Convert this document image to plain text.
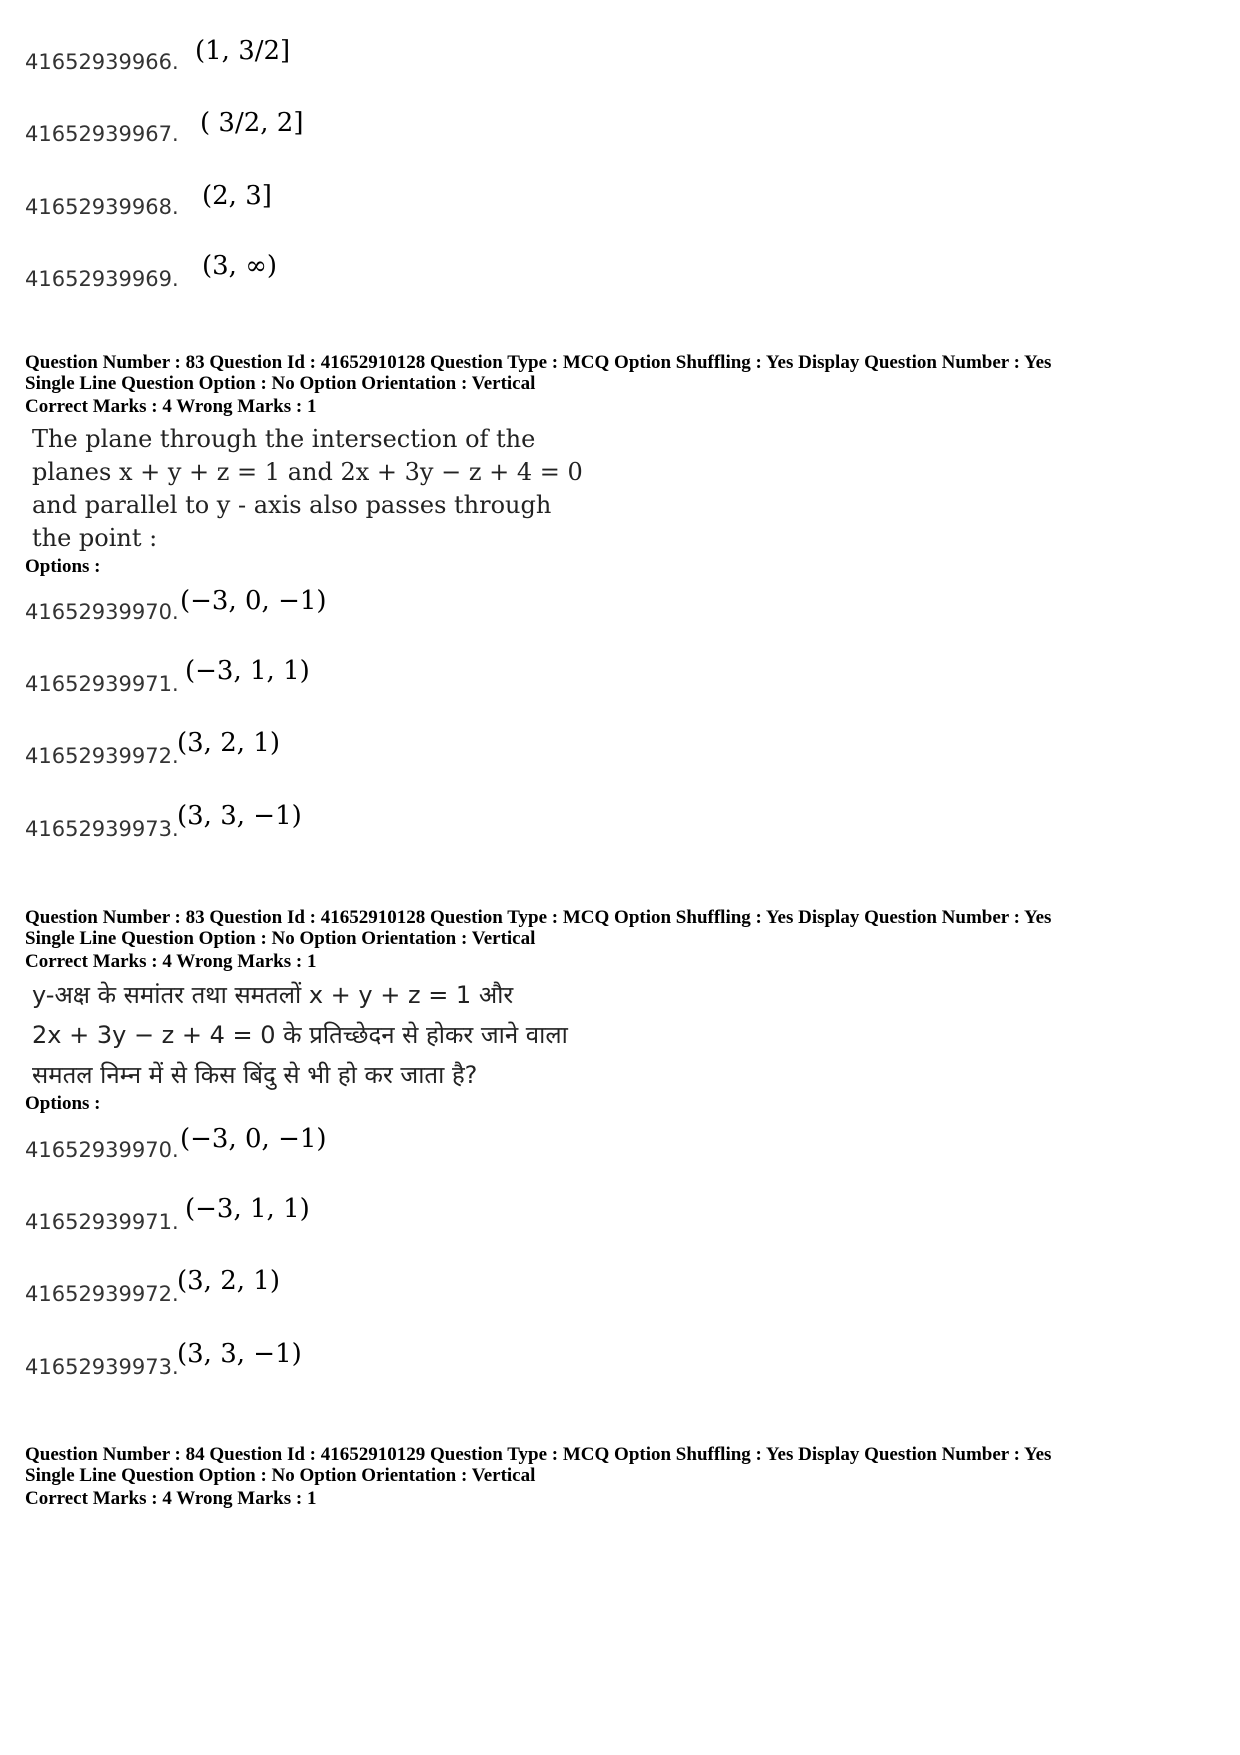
41652939966. (1, 3/2]
41652939967. ( 3/2, 2]
41652939968. (2, 3]
41652939969. (3, ∞)
Question Number : 83 Question Id : 41652910128 Question Type : MCQ Option Shuffling : Yes Display Question Number : Yes
Single Line Question Option : No Option Orientation : Vertical
Correct Marks : 4 Wrong Marks : 1
The plane through the intersection of the
planes x + y + z = 1 and 2x + 3y − z + 4 = 0
and parallel to y - axis also passes through
the point :
Options :
41652939970. (−3, 0, −1)
41652939971. (−3, 1, 1)
41652939972.
(3, 2, 1)
41652939973.
(3, 3, −1)
Question Number : 83 Question Id : 41652910128 Question Type : MCQ Option Shuffling : Yes Display Question Number : Yes
Single Line Question Option : No Option Orientation : Vertical
Correct Marks : 4 Wrong Marks : 1
y-अक्ष के समांतर तथा समतलों x + y + z = 1 और
2x + 3y − z + 4 = 0 के प्रतिच्छेदन से होकर जाने वाला
समतल निम्न में से किस बिंदु से भी हो कर जाता है?
Options :
41652939970. (−3, 0, −1)
41652939971. (−3, 1, 1)
41652939972.
(3, 2, 1)
41652939973.
(3, 3, −1)
Question Number : 84 Question Id : 41652910129 Question Type : MCQ Option Shuffling : Yes Display Question Number : Yes
Single Line Question Option : No Option Orientation : Vertical
Correct Marks : 4 Wrong Marks : 1
